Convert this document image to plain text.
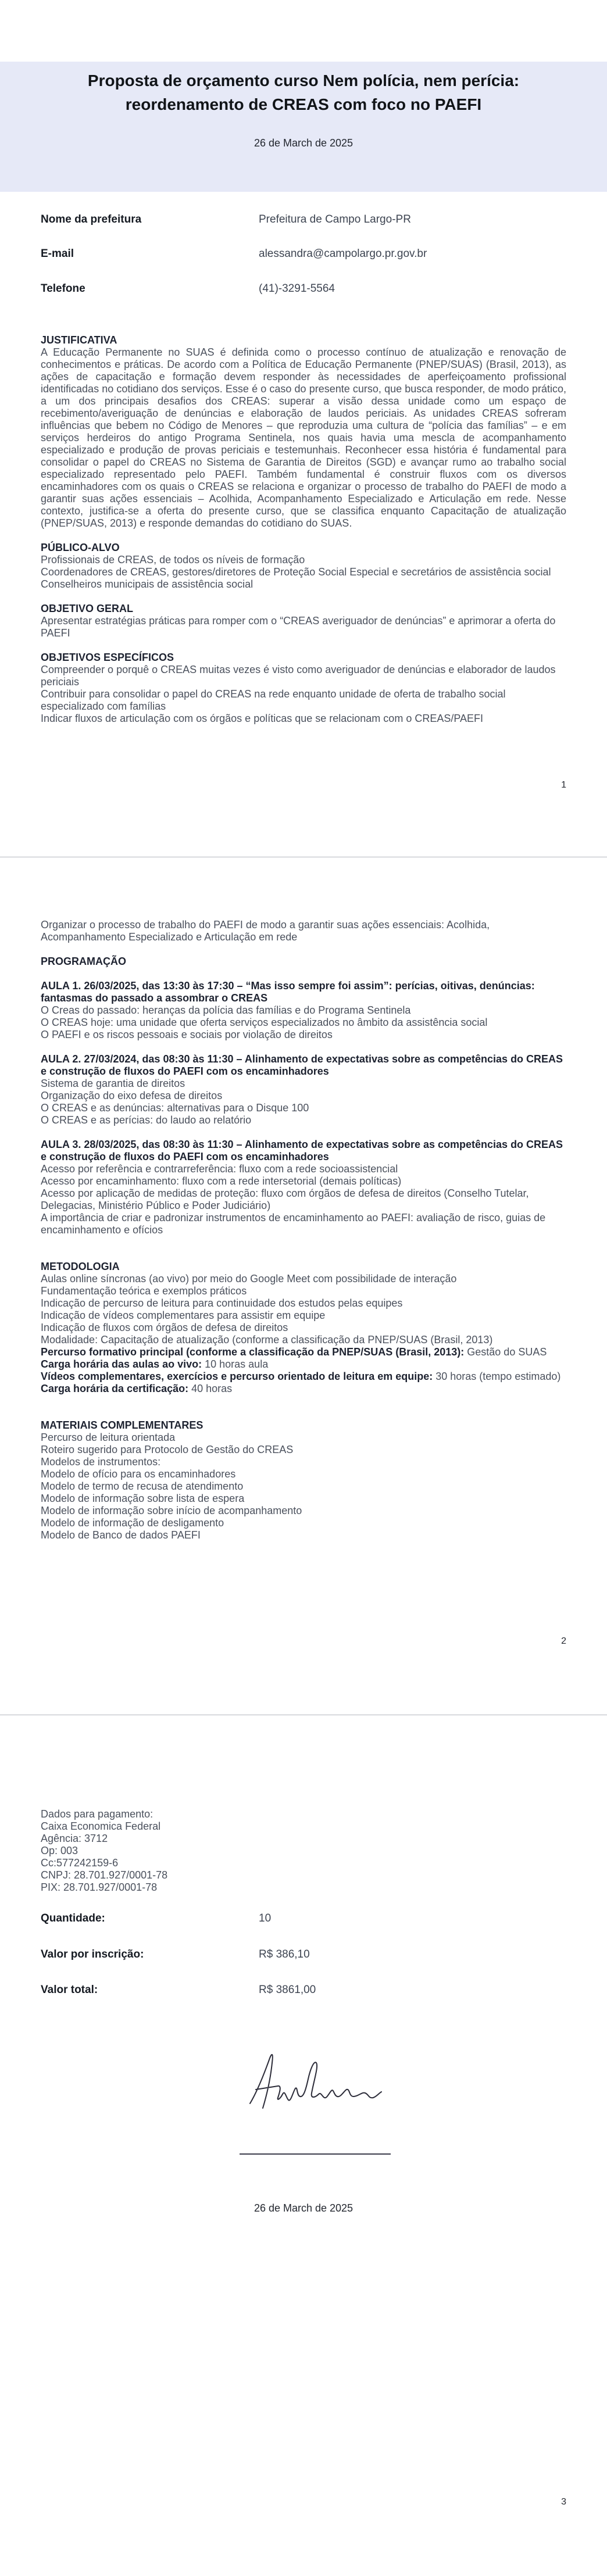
Proposta de orçamento curso Nem polícia, nem perícia: reordenamento de CREAS com foco no PAEFI
26 de March de 2025
Nome da prefeitura	Prefeitura de Campo Largo-PR
E-mail	alessandra@campolargo.pr.gov.br
Telefone	(41)-3291-5564
JUSTIFICATIVA

A Educação Permanente no SUAS é definida como o processo contínuo de atualização e renovação de conhecimentos e práticas. De acordo com a Política de Educação Permanente (PNEP/SUAS) (Brasil, 2013), as ações de capacitação e formação devem responder às necessidades de aperfeiçoamento profissional identificadas no cotidiano dos serviços. Esse é o caso do presente curso, que busca responder, de modo prático, a um dos principais desafios dos CREAS: superar a visão dessa unidade como um espaço de recebimento/averiguação de denúncias e elaboração de laudos periciais. As unidades CREAS sofreram influências que bebem no Código de Menores – que reproduzia uma cultura de “polícia das famílias” – e em serviços herdeiros do antigo Programa Sentinela, nos quais havia uma mescla de acompanhamento especializado e produção de provas periciais e testemunhais. Reconhecer essa história é fundamental para consolidar o papel do CREAS no Sistema de Garantia de Direitos (SGD) e avançar rumo ao trabalho social especializado representado pelo PAEFI. Também fundamental é construir fluxos com os diversos encaminhadores com os quais o CREAS se relaciona e organizar o processo de trabalho do PAEFI de modo a garantir suas ações essenciais – Acolhida, Acompanhamento Especializado e Articulação em rede. Nesse contexto, justifica-se a oferta do presente curso, que se classifica enquanto Capacitação de atualização (PNEP/SUAS, 2013) e responde demandas do cotidiano do SUAS.

PÚBLICO-ALVO
Profissionais de CREAS, de todos os níveis de formação
Coordenadores de CREAS, gestores/diretores de Proteção Social Especial e secretários de assistência social
Conselheiros municipais de assistência social
OBJETIVO GERAL
Apresentar estratégias práticas para romper com o “CREAS averiguador de denúncias” e aprimorar a oferta do PAEFI
OBJETIVOS ESPECÍFICOS
Compreender o porquê o CREAS muitas vezes é visto como averiguador de denúncias e elaborador de laudos periciais
Contribuir para consolidar o papel do CREAS na rede enquanto unidade de oferta de trabalho social especializado com famílias
Indicar fluxos de articulação com os órgãos e políticas que se relacionam com o CREAS/PAEFI
1
Organizar o processo de trabalho do PAEFI de modo a garantir suas ações essenciais: Acolhida, Acompanhamento Especializado e Articulação em rede
PROGRAMAÇÃO
AULA 1. 26/03/2025, das 13:30 às 17:30 – “Mas isso sempre foi assim”: perícias, oitivas, denúncias: fantasmas do passado a assombrar o CREAS
O Creas do passado: heranças da polícia das famílias e do Programa Sentinela
O CREAS hoje: uma unidade que oferta serviços especializados no âmbito da assistência social
O PAEFI e os riscos pessoais e sociais por violação de direitos
AULA 2. 27/03/2024, das 08:30 às 11:30 – Alinhamento de expectativas sobre as competências do CREAS e construção de fluxos do PAEFI com os encaminhadores
Sistema de garantia de direitos
Organização do eixo defesa de direitos
O CREAS e as denúncias: alternativas para o Disque 100
O CREAS e as perícias: do laudo ao relatório
AULA 3. 28/03/2025, das 08:30 às 11:30 – Alinhamento de expectativas sobre as competências do CREAS e construção de fluxos do PAEFI com os encaminhadores
Acesso por referência e contrarreferência: fluxo com a rede socioassistencial
Acesso por encaminhamento: fluxo com a rede intersetorial (demais políticas)
Acesso por aplicação de medidas de proteção: fluxo com órgãos de defesa de direitos (Conselho Tutelar, Delegacias, Ministério Público e Poder Judiciário)
A importância de criar e padronizar instrumentos de encaminhamento ao PAEFI: avaliação de risco, guias de encaminhamento e ofícios
METODOLOGIA
Aulas online síncronas (ao vivo) por meio do Google Meet com possibilidade de interação
Fundamentação teórica e exemplos práticos
Indicação de percurso de leitura para continuidade dos estudos pelas equipes
Indicação de vídeos complementares para assistir em equipe
Indicação de fluxos com órgãos de defesa de direitos
Modalidade: Capacitação de atualização (conforme a classificação da PNEP/SUAS (Brasil, 2013)
Percurso formativo principal (conforme a classificação da PNEP/SUAS (Brasil, 2013): Gestão do SUAS
Carga horária das aulas ao vivo: 10 horas aula
Vídeos complementares, exercícios e percurso orientado de leitura em equipe: 30 horas (tempo estimado)
Carga horária da certificação: 40 horas
MATERIAIS COMPLEMENTARES
Percurso de leitura orientada
Roteiro sugerido para Protocolo de Gestão do CREAS
Modelos de instrumentos:
Modelo de ofício para os encaminhadores
Modelo de termo de recusa de atendimento
Modelo de informação sobre lista de espera
Modelo de informação sobre início de acompanhamento
Modelo de informação de desligamento
Modelo de Banco de dados PAEFI
2
Dados para pagamento:
Caixa Economica Federal
Agência: 3712
Op: 003
Cc:577242159-6
CNPJ: 28.701.927/0001-78
PIX: 28.701.927/0001-78
Quantidade:	10
Valor por inscrição:	R$ 386,10
Valor total:	R$ 3861,00
26 de March de 2025
3
